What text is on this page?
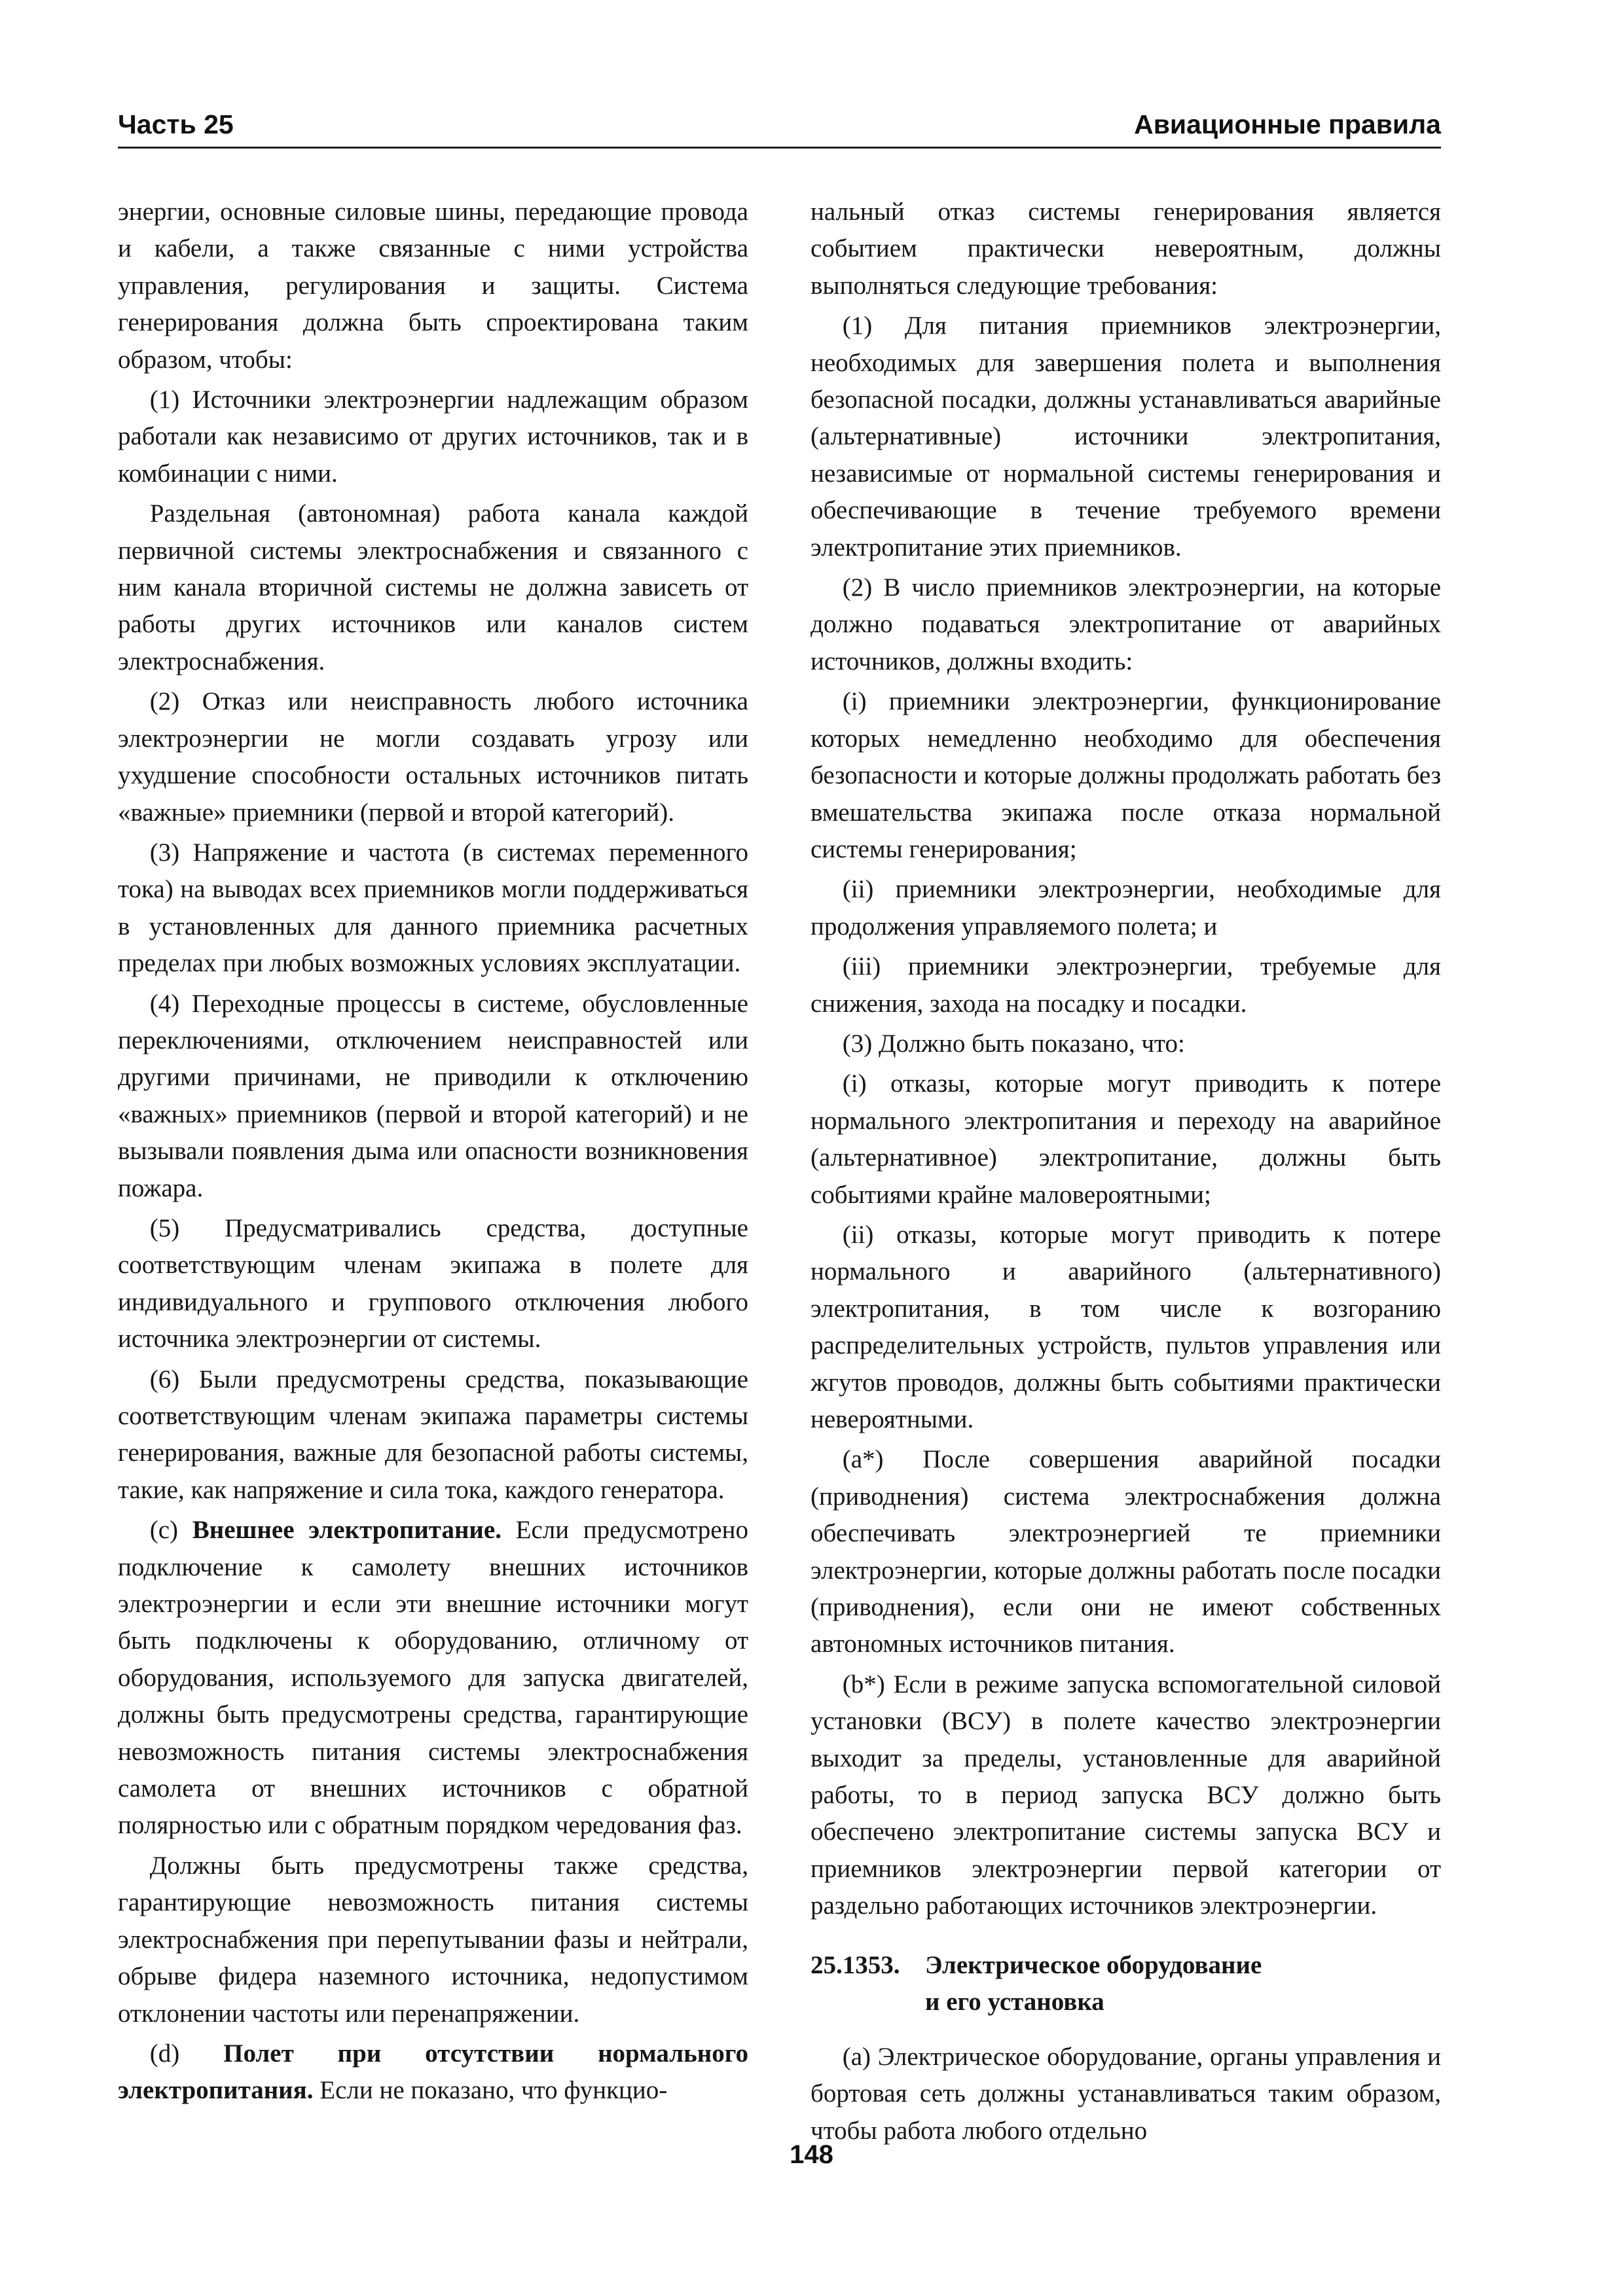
Часть 25	Авиационные правила

энергии, основные силовые шины, передающие провода и кабели, а также связанные с ними устройства управления, регулирования и защиты. Система генерирования должна быть спроектирована таким образом, чтобы:

(1) Источники электроэнергии надлежащим образом работали как независимо от других источников, так и в комбинации с ними.

Раздельная (автономная) работа канала каждой первичной системы электроснабжения и связанного с ним канала вторичной системы не должна зависеть от работы других источников или каналов систем электроснабжения.

(2) Отказ или неисправность любого источника электроэнергии не могли создавать угрозу или ухудшение способности остальных источников питать «важные» приемники (первой и второй категорий).

(3) Напряжение и частота (в системах переменного тока) на выводах всех приемников могли поддерживаться в установленных для данного приемника расчетных пределах при любых возможных условиях эксплуатации.

(4) Переходные процессы в системе, обусловленные переключениями, отключением неисправностей или другими причинами, не приводили к отключению «важных» приемников (первой и второй категорий) и не вызывали появления дыма или опасности возникновения пожара.

(5) Предусматривались средства, доступные соответствующим членам экипажа в полете для индивидуального и группового отключения любого источника электроэнергии от системы.

(6) Были предусмотрены средства, показывающие соответствующим членам экипажа параметры системы генерирования, важные для безопасной работы системы, такие, как напряжение и сила тока, каждого генератора.

(c) Внешнее электропитание. Если предусмотрено подключение к самолету внешних источников электроэнергии и если эти внешние источники могут быть подключены к оборудованию, отличному от оборудования, используемого для запуска двигателей, должны быть предусмотрены средства, гарантирующие невозможность питания системы электроснабжения самолета от внешних источников с обратной полярностью или с обратным порядком чередования фаз.

Должны быть предусмотрены также средства, гарантирующие невозможность питания системы электроснабжения при перепутывании фазы и нейтрали, обрыве фидера наземного источника, недопустимом отклонении частоты или перенапряжении.

(d) Полет при отсутствии нормального электропитания. Если не показано, что функцио-

нальный отказ системы генерирования является событием практически невероятным, должны выполняться следующие требования:

(1) Для питания приемников электроэнергии, необходимых для завершения полета и выполнения безопасной посадки, должны устанавливаться аварийные (альтернативные) источники электропитания, независимые от нормальной системы генерирования и обеспечивающие в течение требуемого времени электропитание этих приемников.

(2) В число приемников электроэнергии, на которые должно подаваться электропитание от аварийных источников, должны входить:

(i) приемники электроэнергии, функционирование которых немедленно необходимо для обеспечения безопасности и которые должны продолжать работать без вмешательства экипажа после отказа нормальной системы генерирования;

(ii) приемники электроэнергии, необходимые для продолжения управляемого полета; и

(iii) приемники электроэнергии, требуемые для снижения, захода на посадку и посадки.

(3) Должно быть показано, что:

(i) отказы, которые могут приводить к потере нормального электропитания и переходу на аварийное (альтернативное) электропитание, должны быть событиями крайне маловероятными;

(ii) отказы, которые могут приводить к потере нормального и аварийного (альтернативного) электропитания, в том числе к возгоранию распределительных устройств, пультов управления или жгутов проводов, должны быть событиями практически невероятными.

(a*) После совершения аварийной посадки (приводнения) система электроснабжения должна обеспечивать электроэнергией те приемники электроэнергии, которые должны работать после посадки (приводнения), если они не имеют собственных автономных источников питания.

(b*) Если в режиме запуска вспомогательной силовой установки (ВСУ) в полете качество электроэнергии выходит за пределы, установленные для аварийной работы, то в период запуска ВСУ должно быть обеспечено электропитание системы запуска ВСУ и приемников электроэнергии первой категории от раздельно работающих источников электроэнергии.

25.1353. Электрическое оборудование
и его установка

(a) Электрическое оборудование, органы управления и бортовая сеть должны устанавливаться таким образом, чтобы работа любого отдельно

148
